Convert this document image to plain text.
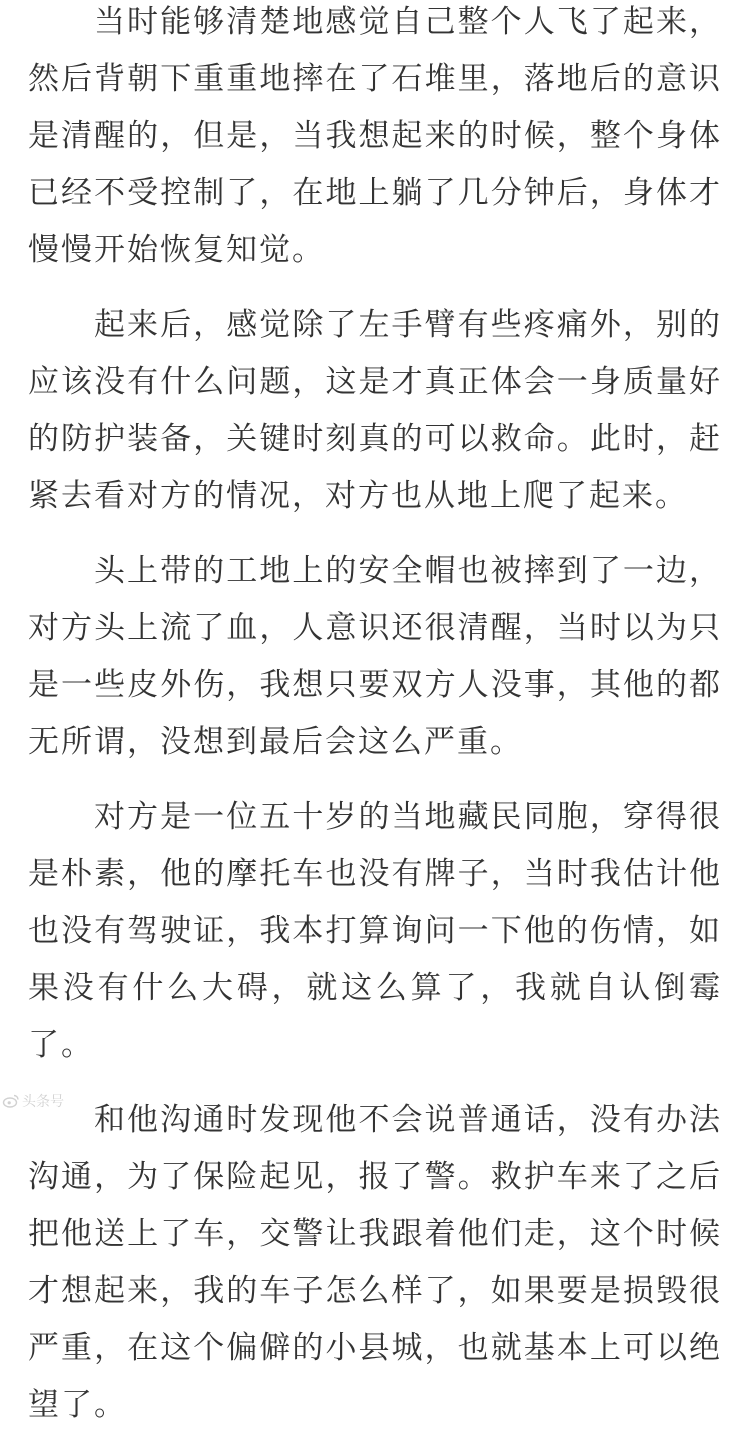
当时能够清楚地感觉自己整个人飞了起来，然后背朝下重重地摔在了石堆里，落地后的意识是清醒的，但是，当我想起来的时候，整个身体已经不受控制了，在地上躺了几分钟后，身体才慢慢开始恢复知觉。

起来后，感觉除了左手臂有些疼痛外，别的应该没有什么问题，这是才真正体会一身质量好的防护装备，关键时刻真的可以救命。此时，赶紧去看对方的情况，对方也从地上爬了起来。

头上带的工地上的安全帽也被摔到了一边，对方头上流了血，人意识还很清醒，当时以为只是一些皮外伤，我想只要双方人没事，其他的都无所谓，没想到最后会这么严重。

对方是一位五十岁的当地藏民同胞，穿得很是朴素，他的摩托车也没有牌子，当时我估计他也没有驾驶证，我本打算询问一下他的伤情，如果没有什么大碍，就这么算了，我就自认倒霉了。

和他沟通时发现他不会说普通话，没有办法沟通，为了保险起见，报了警。救护车来了之后把他送上了车，交警让我跟着他们走，这个时候才想起来，我的车子怎么样了，如果要是损毁很严重，在这个偏僻的小县城，也就基本上可以绝望了。

头条号
